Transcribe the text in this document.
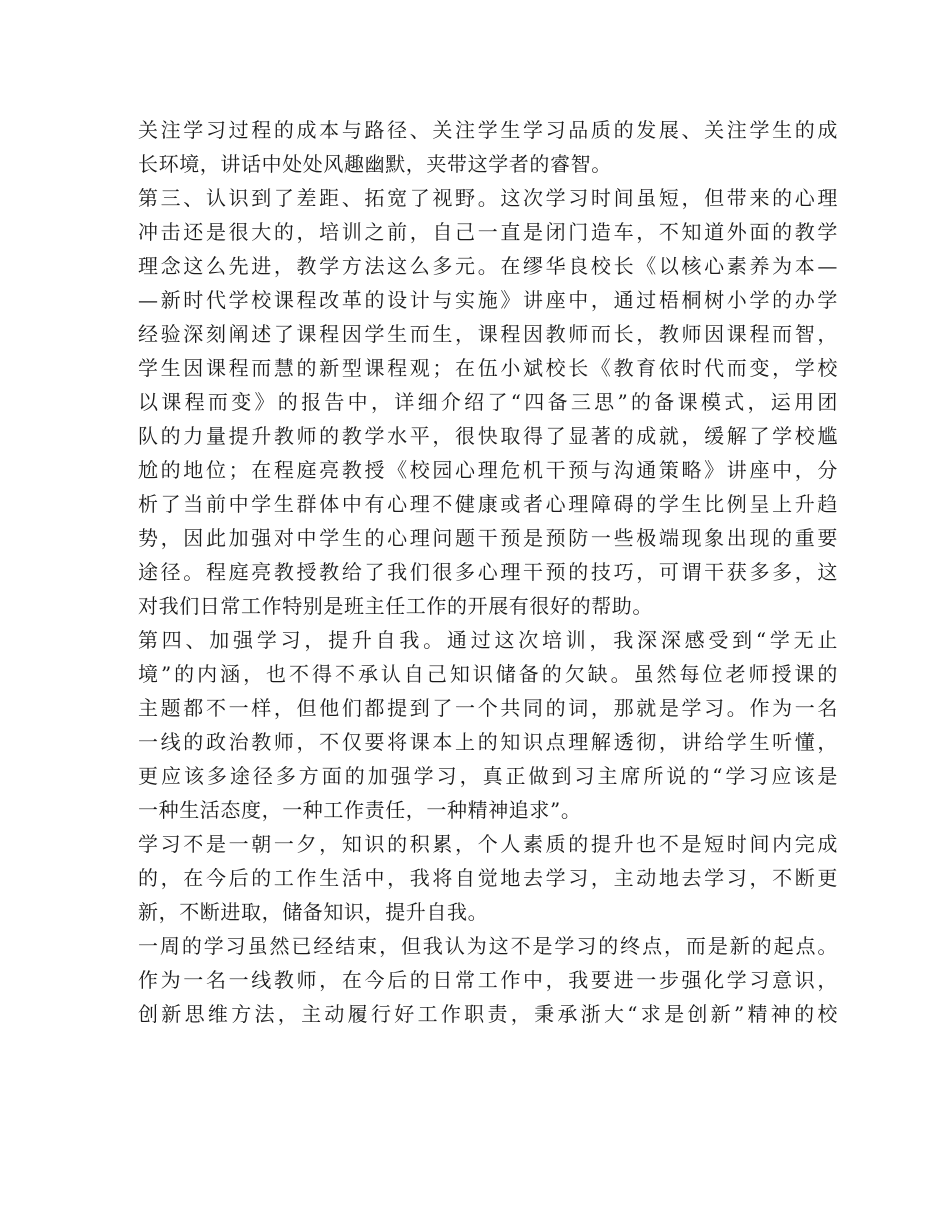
关注学习过程的成本与路径、关注学生学习品质的发展、关注学生的成
长环境，讲话中处处风趣幽默，夹带这学者的睿智。
第三、认识到了差距、拓宽了视野。这次学习时间虽短，但带来的心理
冲击还是很大的，培训之前，自己一直是闭门造车，不知道外面的教学
理念这么先进，教学方法这么多元。在缪华良校长《以核心素养为本—
—新时代学校课程改革的设计与实施》讲座中，通过梧桐树小学的办学
经验深刻阐述了课程因学生而生，课程因教师而长，教师因课程而智，
学生因课程而慧的新型课程观；在伍小斌校长《教育依时代而变，学校
以课程而变》的报告中，详细介绍了“四备三思”的备课模式，运用团
队的力量提升教师的教学水平，很快取得了显著的成就，缓解了学校尴
尬的地位；在程庭亮教授《校园心理危机干预与沟通策略》讲座中，分
析了当前中学生群体中有心理不健康或者心理障碍的学生比例呈上升趋
势，因此加强对中学生的心理问题干预是预防一些极端现象出现的重要
途径。程庭亮教授教给了我们很多心理干预的技巧，可谓干获多多，这
对我们日常工作特别是班主任工作的开展有很好的帮助。
第四、加强学习，提升自我。通过这次培训，我深深感受到“学无止
境”的内涵，也不得不承认自己知识储备的欠缺。虽然每位老师授课的
主题都不一样，但他们都提到了一个共同的词，那就是学习。作为一名
一线的政治教师，不仅要将课本上的知识点理解透彻，讲给学生听懂，
更应该多途径多方面的加强学习，真正做到习主席所说的“学习应该是
一种生活态度，一种工作责任，一种精神追求”。
学习不是一朝一夕，知识的积累，个人素质的提升也不是短时间内完成
的，在今后的工作生活中，我将自觉地去学习，主动地去学习，不断更
新，不断进取，储备知识，提升自我。
一周的学习虽然已经结束，但我认为这不是学习的终点，而是新的起点。
作为一名一线教师，在今后的日常工作中，我要进一步强化学习意识，
创新思维方法，主动履行好工作职责，秉承浙大“求是创新”精神的校
